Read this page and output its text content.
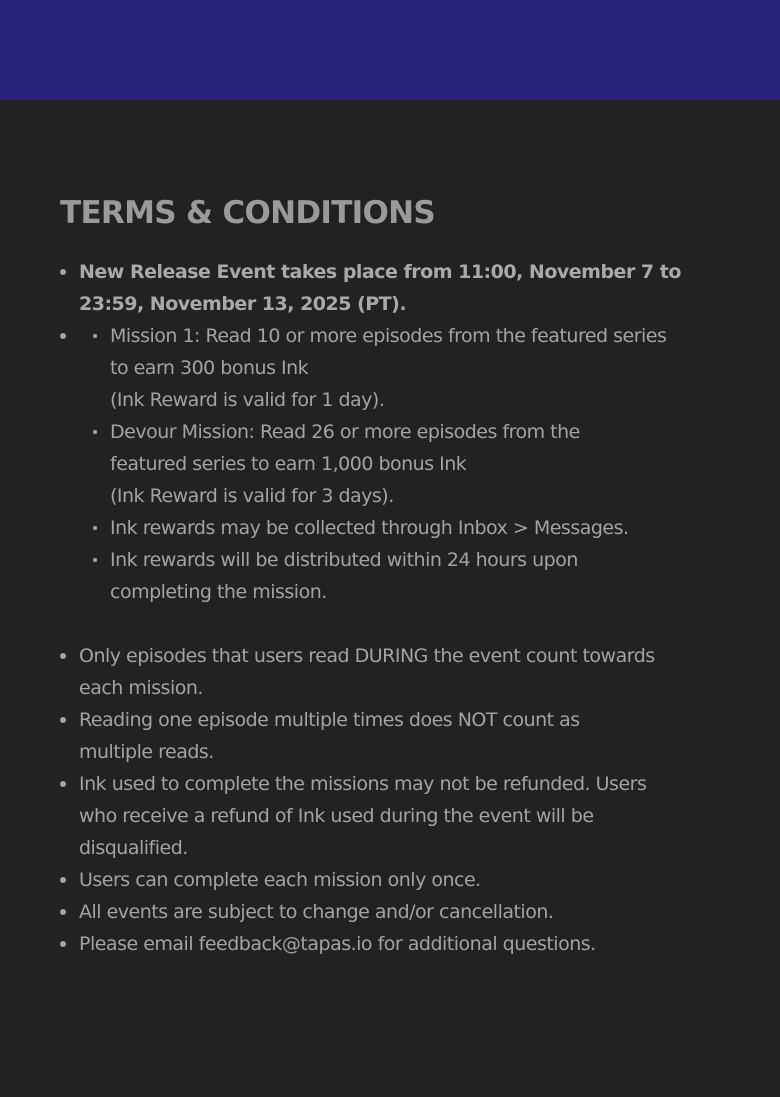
TERMS & CONDITIONS
New Release Event takes place from 11:00, November 7 to
23:59, November 13, 2025 (PT).
Mission 1: Read 10 or more episodes from the featured series
to earn 300 bonus Ink
(Ink Reward is valid for 1 day).
Devour Mission: Read 26 or more episodes from the
featured series to earn 1,000 bonus Ink
(Ink Reward is valid for 3 days).
Ink rewards may be collected through Inbox > Messages.
Ink rewards will be distributed within 24 hours upon
completing the mission.
Only episodes that users read DURING the event count towards
each mission.
Reading one episode multiple times does NOT count as
multiple reads.
Ink used to complete the missions may not be refunded. Users
who receive a refund of Ink used during the event will be
disqualified.
Users can complete each mission only once.
All events are subject to change and/or cancellation.
Please email feedback@tapas.io for additional questions.
